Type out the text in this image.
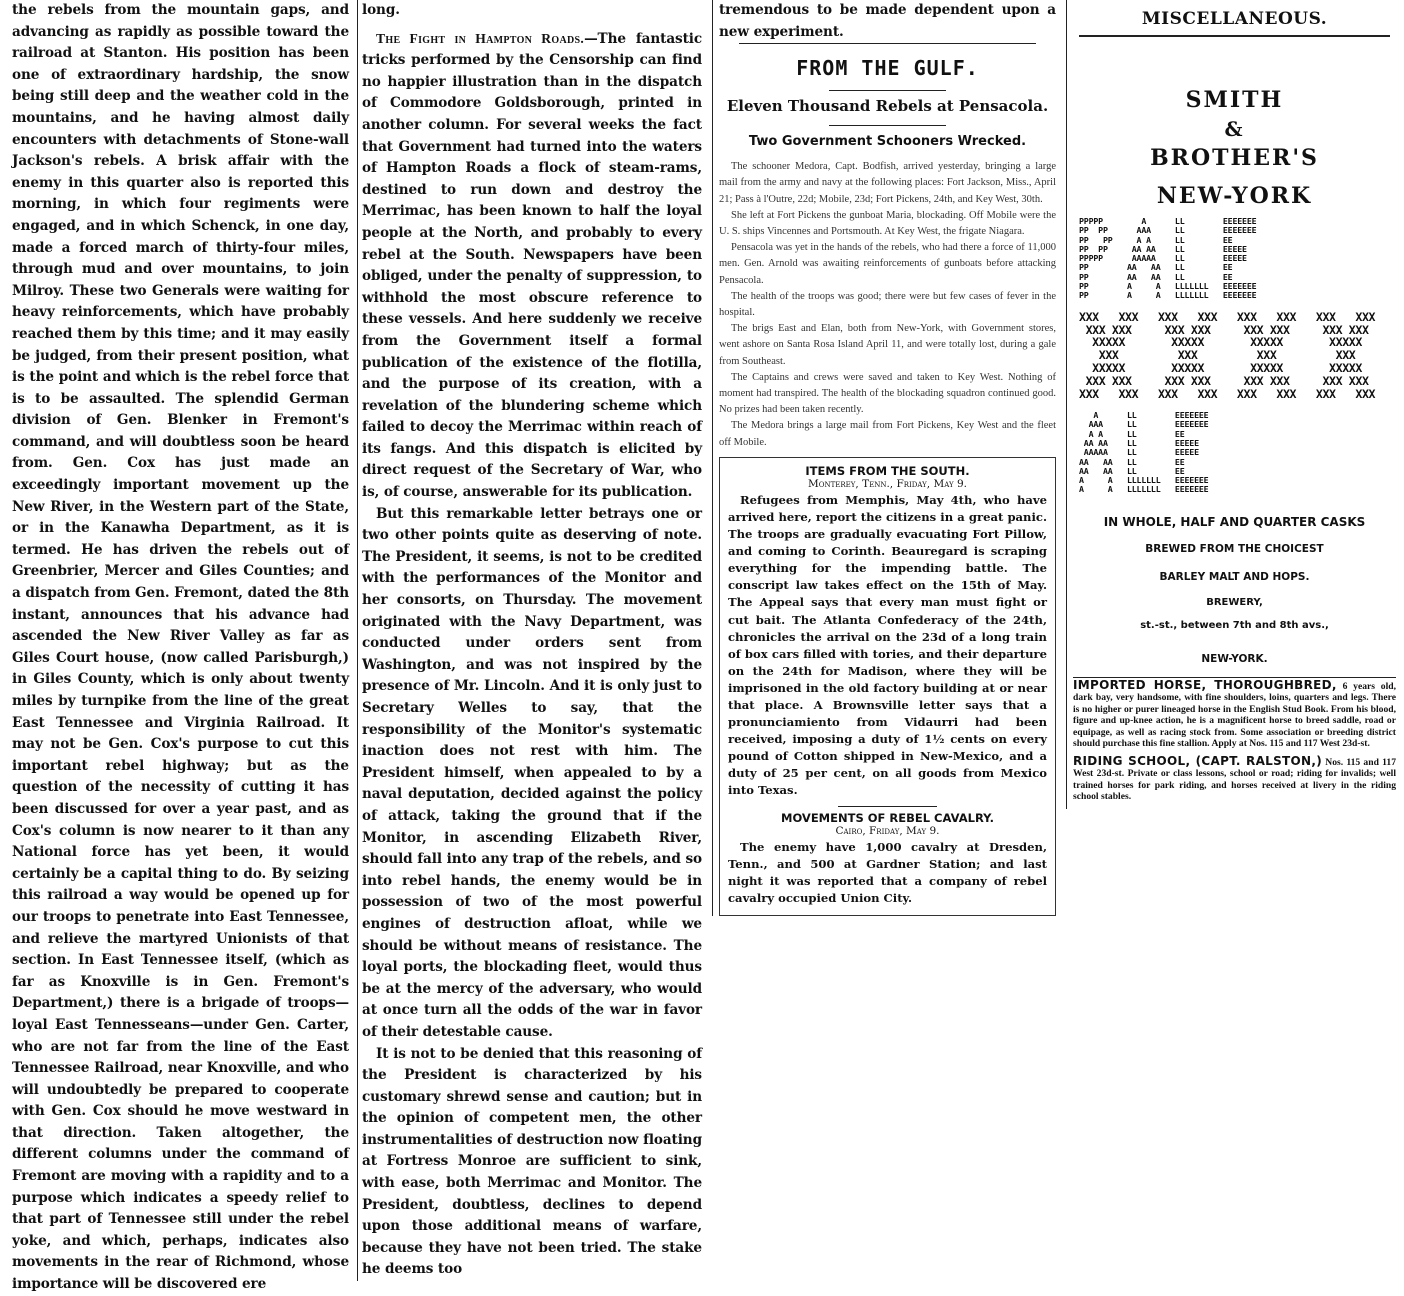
the rebels from the mountain gaps, and advancing as rapidly as possible toward the railroad at Stanton. His position has been one of extraordinary hardship, the snow being still deep and the weather cold in the mountains, and he having almost daily encounters with detachments of Stone-wall Jackson's rebels. A brisk affair with the enemy in this quarter also is reported this morning, in which four regiments were engaged, and in which Schenck, in one day, made a forced march of thirty-four miles, through mud and over mountains, to join Milroy. These two Generals were waiting for heavy reinforcements, which have probably reached them by this time; and it may easily be judged, from their present position, what is the point and which is the rebel force that is to be assaulted. The splendid German division of Gen. Blenker in Fremont's command, and will doubtless soon be heard from. Gen. Cox has just made an exceedingly important movement up the New River, in the Western part of the State, or in the Kanawha Department, as it is termed. He has driven the rebels out of Greenbrier, Mercer and Giles Counties; and a dispatch from Gen. Fremont, dated the 8th instant, announces that his advance had ascended the New River Valley as far as Giles Court house, (now called Parisburgh,) in Giles County, which is only about twenty miles by turnpike from the line of the great East Tennessee and Virginia Railroad. It may not be Gen. Cox's purpose to cut this important rebel highway; but as the question of the necessity of cutting it has been discussed for over a year past, and as Cox's column is now nearer to it than any National force has yet been, it would certainly be a capital thing to do. By seizing this railroad a way would be opened up for our troops to penetrate into East Tennessee, and relieve the martyred Unionists of that section. In East Tennessee itself, (which as far as Knoxville is in Gen. Fremont's Department,) there is a brigade of troops—loyal East Tennesseans—under Gen. Carter, who are not far from the line of the East Tennessee Railroad, near Knoxville, and who will undoubtedly be prepared to cooperate with Gen. Cox should he move westward in that direction. Taken altogether, the different columns under the command of Fremont are moving with a rapidity and to a purpose which indicates a speedy relief to that part of Tennessee still under the rebel yoke, and which, perhaps, indicates also movements in the rear of Richmond, whose importance will be discovered ere

long.

The Fight in Hampton Roads.—The fantastic tricks performed by the Censorship can find no happier illustration than in the dispatch of Commodore Goldsborough, printed in another column. For several weeks the fact that Government had turned into the waters of Hampton Roads a flock of steam-rams, destined to run down and destroy the Merrimac, has been known to half the loyal people at the North, and probably to every rebel at the South. Newspapers have been obliged, under the penalty of suppression, to withhold the most obscure reference to these vessels. And here suddenly we receive from the Government itself a formal publication of the existence of the flotilla, and the purpose of its creation, with a revelation of the blundering scheme which failed to decoy the Merrimac within reach of its fangs. And this dispatch is elicited by direct request of the Secretary of War, who is, of course, answerable for its publication.

But this remarkable letter betrays one or two other points quite as deserving of note. The President, it seems, is not to be credited with the performances of the Monitor and her consorts, on Thursday. The movement originated with the Navy Department, was conducted under orders sent from Washington, and was not inspired by the presence of Mr. Lincoln. And it is only just to Secretary Welles to say, that the responsibility of the Monitor's systematic inaction does not rest with him. The President himself, when appealed to by a naval deputation, decided against the policy of attack, taking the ground that if the Monitor, in ascending Elizabeth River, should fall into any trap of the rebels, and so into rebel hands, the enemy would be in possession of two of the most powerful engines of destruction afloat, while we should be without means of resistance. The loyal ports, the blockading fleet, would thus be at the mercy of the adversary, who would at once turn all the odds of the war in favor of their detestable cause.

It is not to be denied that this reasoning of the President is characterized by his customary shrewd sense and caution; but in the opinion of competent men, the other instrumentalities of destruction now floating at Fortress Monroe are sufficient to sink, with ease, both Merrimac and Monitor. The President, doubtless, declines to depend upon those additional means of warfare, because they have not been tried. The stake he deems too

tremendous to be made dependent upon a new experiment.

FROM THE GULF.
Eleven Thousand Rebels at Pensacola.
Two Government Schooners Wrecked.

The schooner Medora, Capt. Bodfish, arrived yesterday, bringing a large mail from the army and navy at the following places: Fort Jackson, Miss., April 21; Pass à l'Outre, 22d; Mobile, 23d; Fort Pickens, 24th, and Key West, 30th.

She left at Fort Pickens the gunboat Maria, blockading. Off Mobile were the U. S. ships Vincennes and Portsmouth. At Key West, the frigate Niagara.

Pensacola was yet in the hands of the rebels, who had there a force of 11,000 men. Gen. Arnold was awaiting reinforcements of gunboats before attacking Pensacola.

The health of the troops was good; there were but few cases of fever in the hospital.

The brigs East and Elan, both from New-York, with Government stores, went ashore on Santa Rosa Island April 11, and were totally lost, during a gale from Southeast.

The Captains and crews were saved and taken to Key West. Nothing of moment had transpired. The health of the blockading squadron continued good. No prizes had been taken recently.

The Medora brings a large mail from Fort Pickens, Key West and the fleet off Mobile.

ITEMS FROM THE SOUTH.
Monterey, Tenn., Friday, May 9.

Refugees from Memphis, May 4th, who have arrived here, report the citizens in a great panic. The troops are gradually evacuating Fort Pillow, and coming to Corinth. Beauregard is scraping everything for the impending battle. The conscript law takes effect on the 15th of May. The Appeal says that every man must fight or cut bait. The Atlanta Confederacy of the 24th, chronicles the arrival on the 23d of a long train of box cars filled with tories, and their departure on the 24th for Madison, where they will be imprisoned in the old factory building at or near that place. A Brownsville letter says that a pronunciamiento from Vidaurri had been received, imposing a duty of 1½ cents on every pound of Cotton shipped in New-Mexico, and a duty of 25 per cent, on all goods from Mexico into Texas.

MOVEMENTS OF REBEL CAVALRY.
Cairo, Friday, May 9.

The enemy have 1,000 cavalry at Dresden, Tenn., and 500 at Gardner Station; and last night it was reported that a company of rebel cavalry occupied Union City.

MISCELLANEOUS.
SMITH
&
BROTHER'S
NEW-YORK
PPPPP        A      LL        EEEEEEE
PP  PP      AAA     LL        EEEEEEE
PP   PP     A A     LL        EE
PP  PP     AA AA    LL        EEEEE
PPPPP      AAAAA    LL        EEEEE
PP        AA   AA   LL        EE
PP        AA   AA   LL        EE
PP        A     A   LLLLLLL   EEEEEEE
PP        A     A   LLLLLLL   EEEEEEE
XXX   XXX   XXX   XXX   XXX   XXX   XXX   XXX
XXX XXX     XXX XXX     XXX XXX     XXX XXX
XXXXX       XXXXX       XXXXX       XXXXX
XXX         XXX         XXX         XXX
XXXXX       XXXXX       XXXXX       XXXXX
XXX XXX     XXX XXX     XXX XXX     XXX XXX
XXX   XXX   XXX   XXX   XXX   XXX   XXX   XXX
A      LL        EEEEEEE
AAA     LL        EEEEEEE
A A     LL        EE
AA AA    LL        EEEEE
AAAAA    LL        EEEEE
AA   AA   LL        EE
AA   AA   LL        EE
A     A   LLLLLLL   EEEEEEE
A     A   LLLLLLL   EEEEEEE
IN WHOLE, HALF AND QUARTER CASKS
BREWED FROM THE CHOICEST
BARLEY MALT AND HOPS.
BREWERY,
st.-st., between 7th and 8th avs.,
NEW-YORK.

IMPORTED HORSE, THOROUGHBRED, 6 years old, dark bay, very handsome, with fine shoulders, loins, quarters and legs. There is no higher or purer lineaged horse in the English Stud Book. From his blood, figure and up-knee action, he is a magnificent horse to breed saddle, road or equipage, as well as racing stock from. Some association or breeding district should purchase this fine stallion. Apply at Nos. 115 and 117 West 23d-st.

RIDING SCHOOL, (CAPT. RALSTON,) Nos. 115 and 117 West 23d-st. Private or class lessons, school or road; riding for invalids; well trained horses for park riding, and horses received at livery in the riding school stables.
